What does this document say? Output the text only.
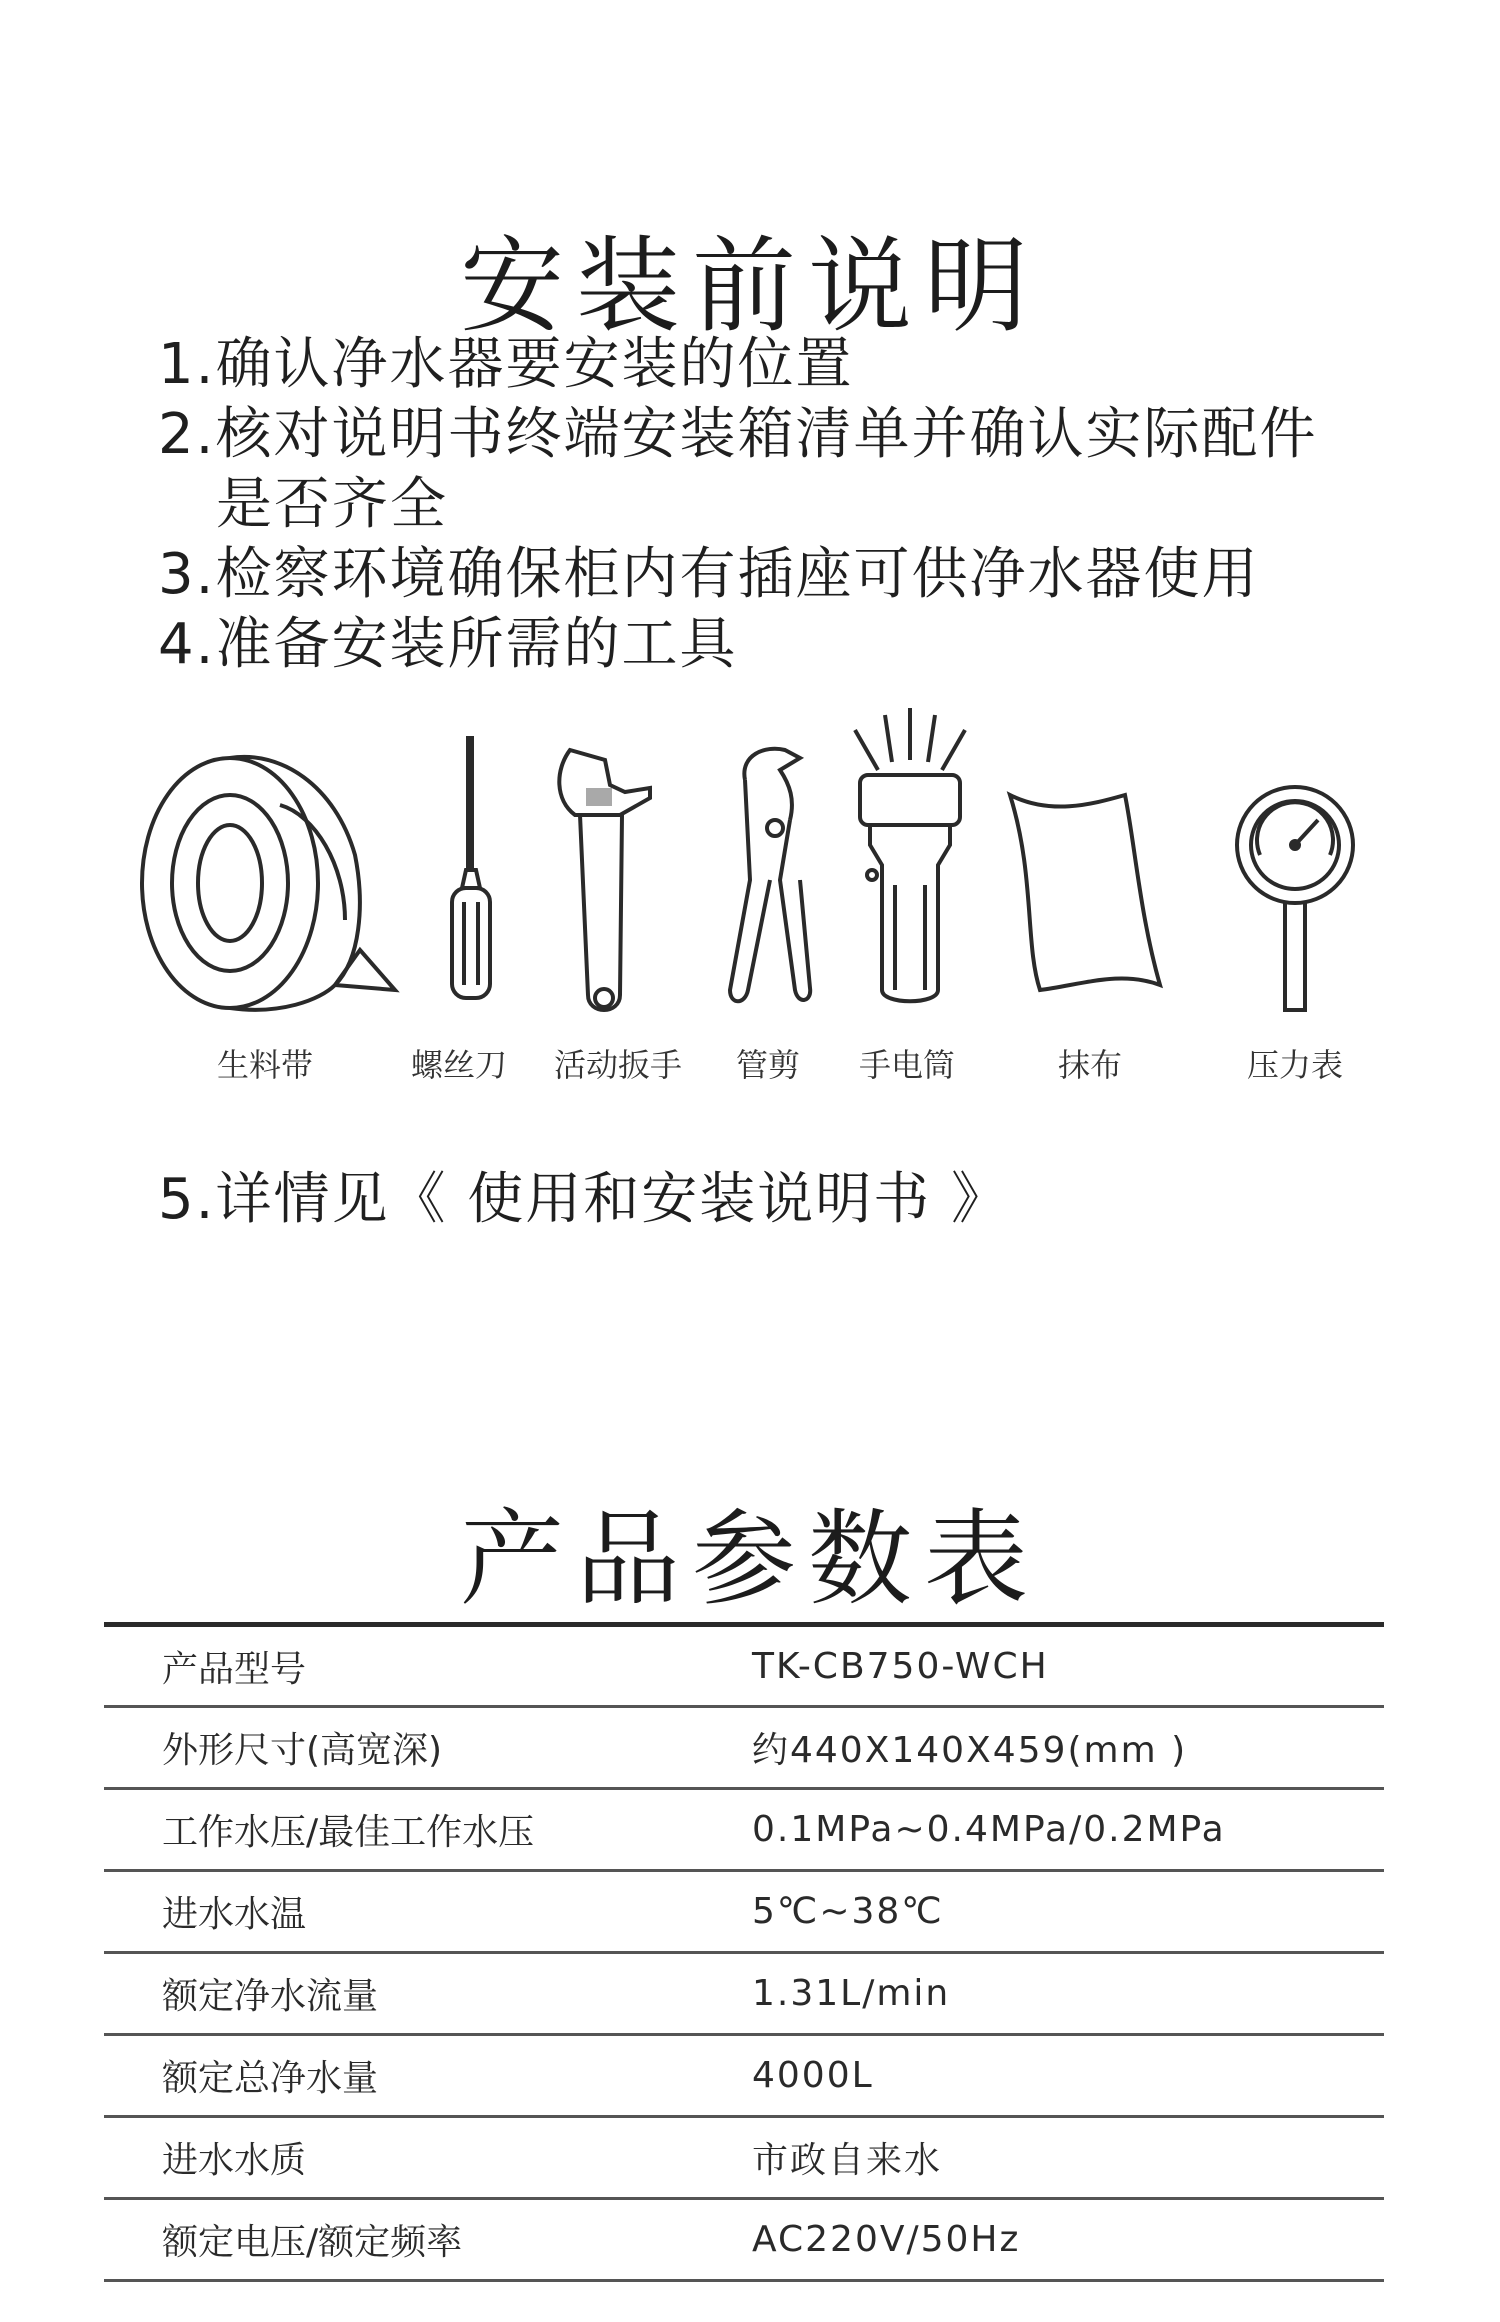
安装前说明
1. 确认净水器要安装的位置
2. 核对说明书终端安装箱清单并确认实际配件
是否齐全
3. 检察环境确保柜内有插座可供净水器使用
4. 准备安装所需的工具
生料带	螺丝刀 活动扳手 管剪 手电筒	抹布	压力表
5. 详情见《 使用和安装说明书 》
产品参数表

产品型号	TK-CB750-WCH
外形尺寸(高宽深)	约440X140X459(mm )
工作水压/最佳工作水压	0.1MPa~0.4MPa/0.2MPa
进水水温	5℃~38℃
额定净水流量	1.31L/min
额定总净水量	4000L
进水水质	市政自来水
额定电压/额定频率	AC220V/50Hz
